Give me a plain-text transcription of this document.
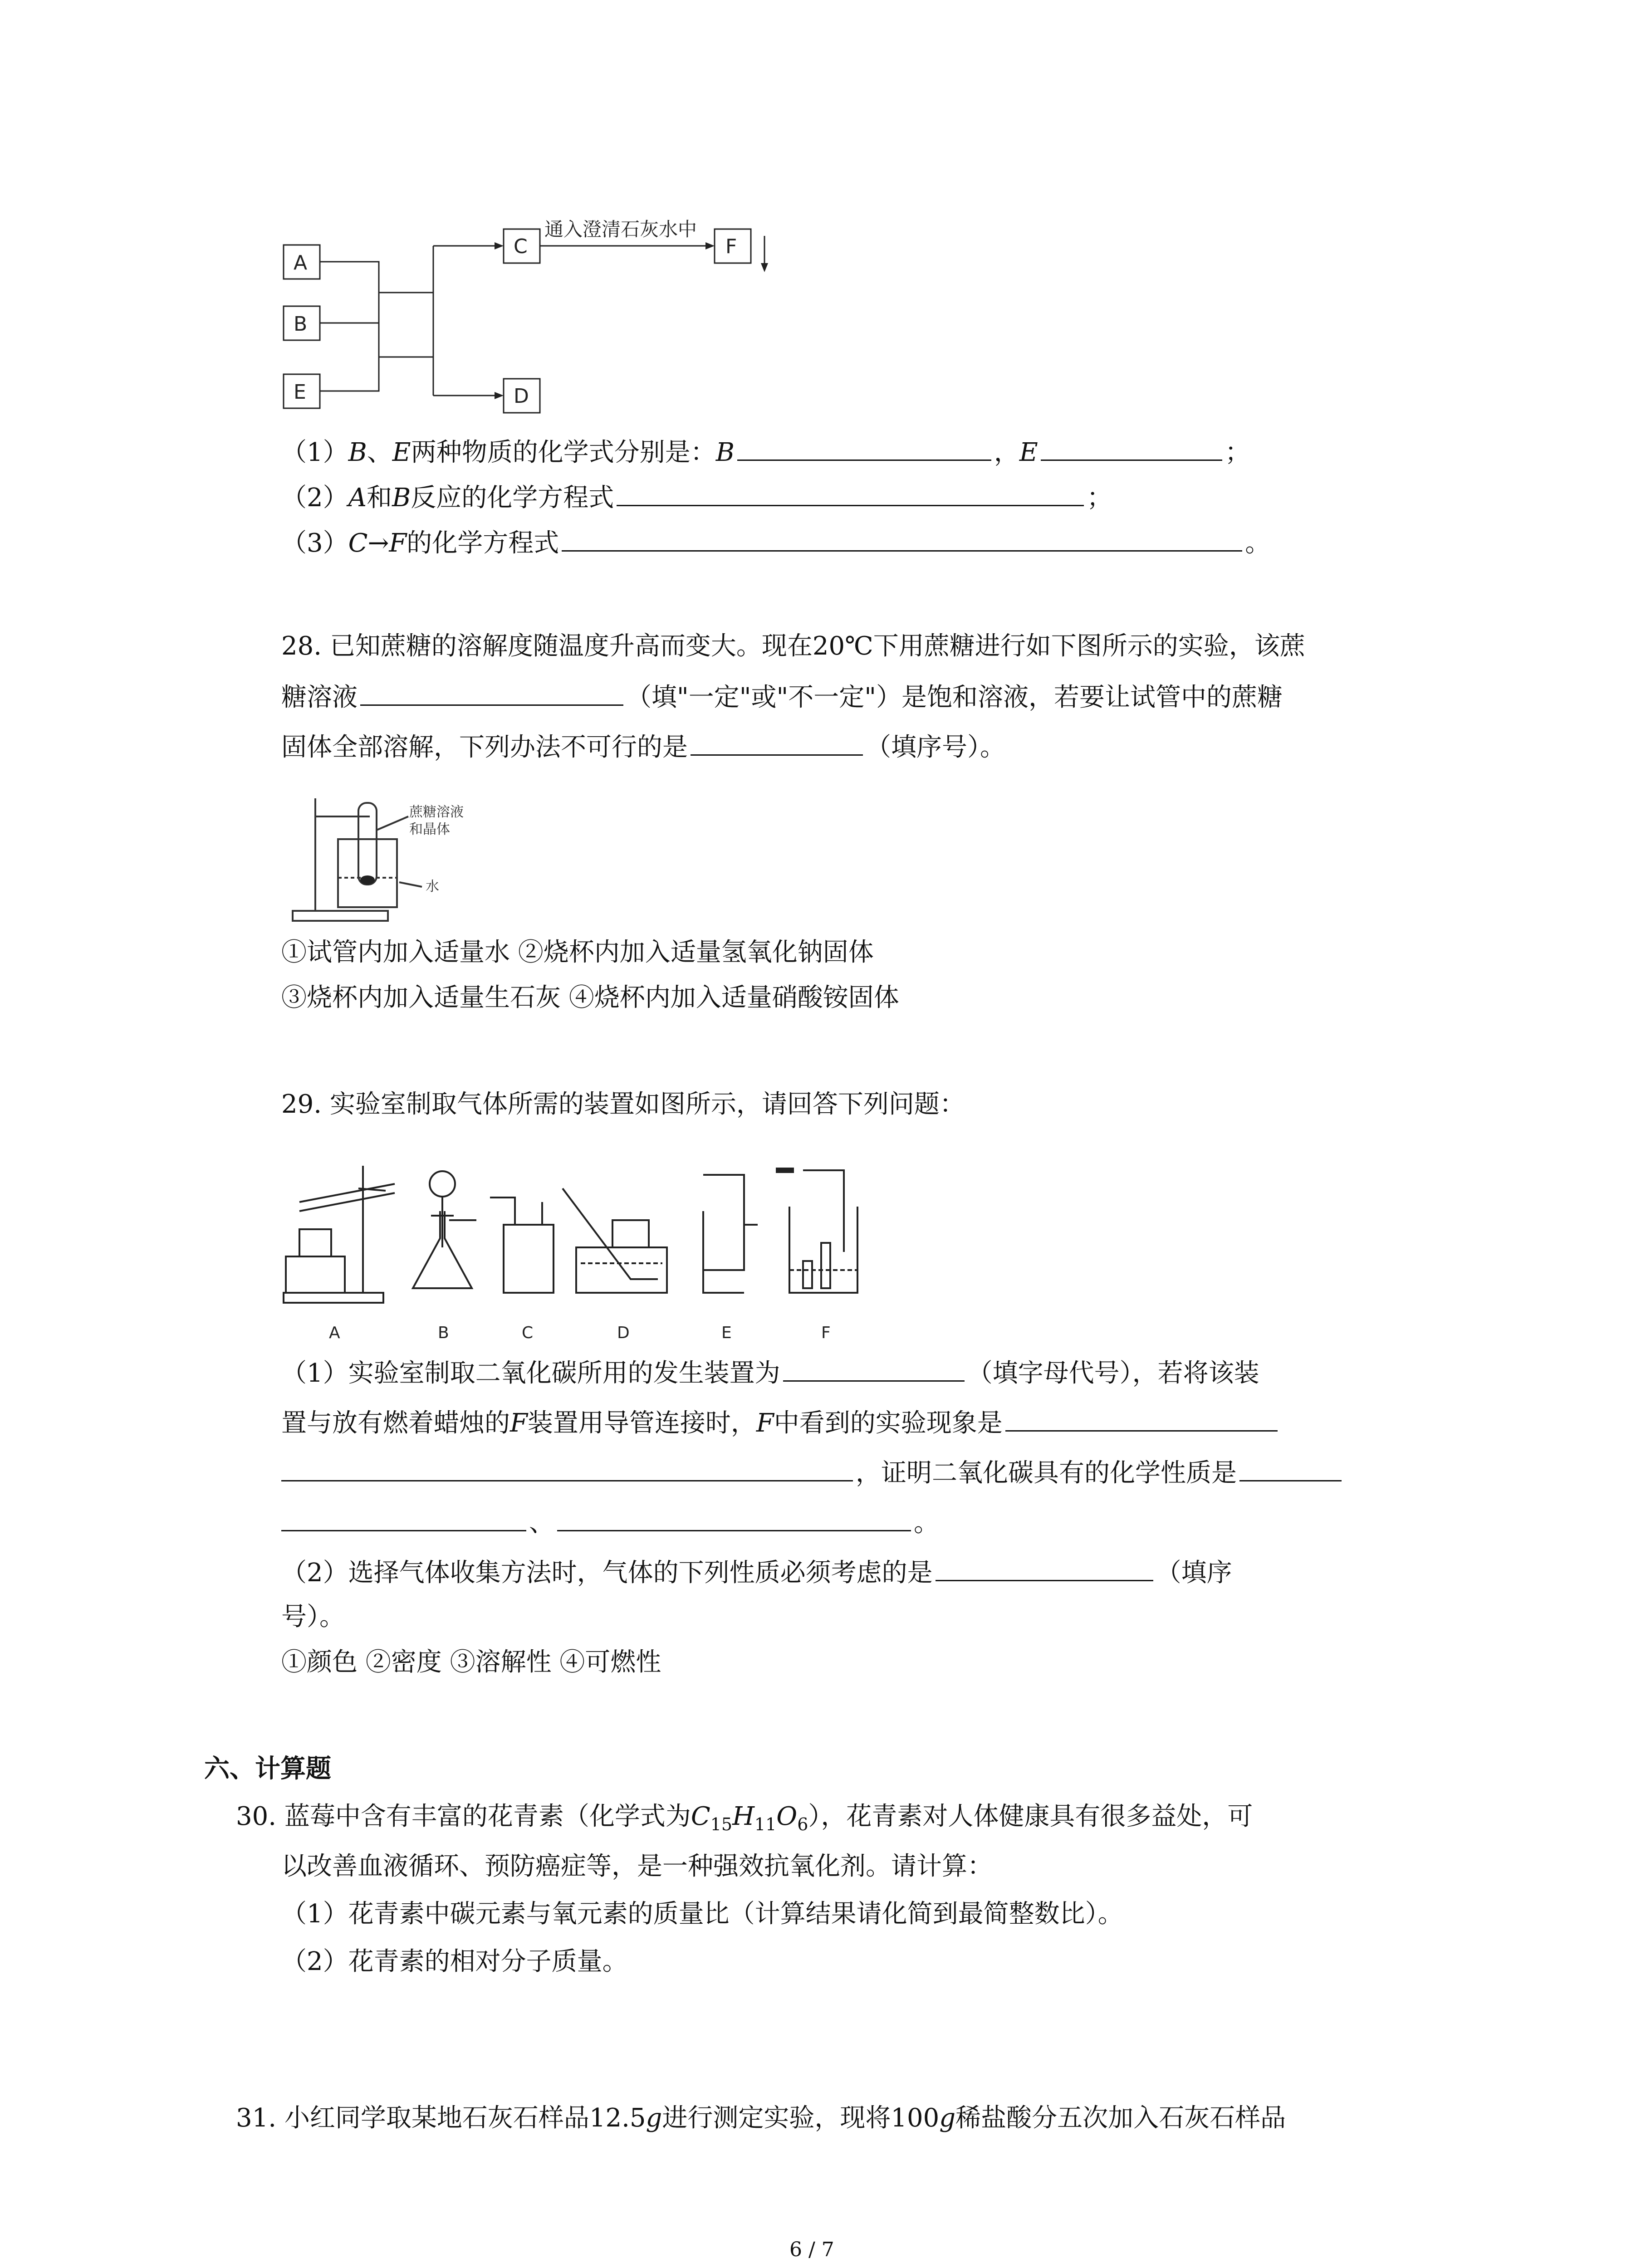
A
B
E
C
D
F
通入澄清石灰水中
（1）B、E两种物质的化学式分别是：B	，E	；
（2）A和B反应的化学方程式	；
（3）C→F的化学方程式	。
28. 已知蔗糖的溶解度随温度升高而变大。现在20℃下用蔗糖进行如下图所示的实验，该蔗
糖溶液	（填"一定"或"不一定"）是饱和溶液，若要让试管中的蔗糖
固体全部溶解，下列办法不可行的是	（填序号）。
蔗糖溶液
和晶体
水
①试管内加入适量水 ②烧杯内加入适量氢氧化钠固体
③烧杯内加入适量生石灰 ④烧杯内加入适量硝酸铵固体
29. 实验室制取气体所需的装置如图所示，请回答下列问题：
A	B	C	D	E	F
（1）实验室制取二氧化碳所用的发生装置为	（填字母代号），若将该装
置与放有燃着蜡烛的F装置用导管连接时，F中看到的实验现象是
，证明二氧化碳具有的化学性质是
、	。
（2）选择气体收集方法时，气体的下列性质必须考虑的是	（填序
号）。
①颜色 ②密度 ③溶解性 ④可燃性
六、计算题
30. 蓝莓中含有丰富的花青素（化学式为$C_{15}H_{11}O_6$），花青素对人体健康具有很多益处，可
以改善血液循环、预防癌症等，是一种强效抗氧化剂。请计算：
（1）花青素中碳元素与氧元素的质量比（计算结果请化简到最简整数比）。
（2）花青素的相对分子质量。
31. 小红同学取某地石灰石样品12.5g进行测定实验，现将100g稀盐酸分五次加入石灰石样品
6 / 7
